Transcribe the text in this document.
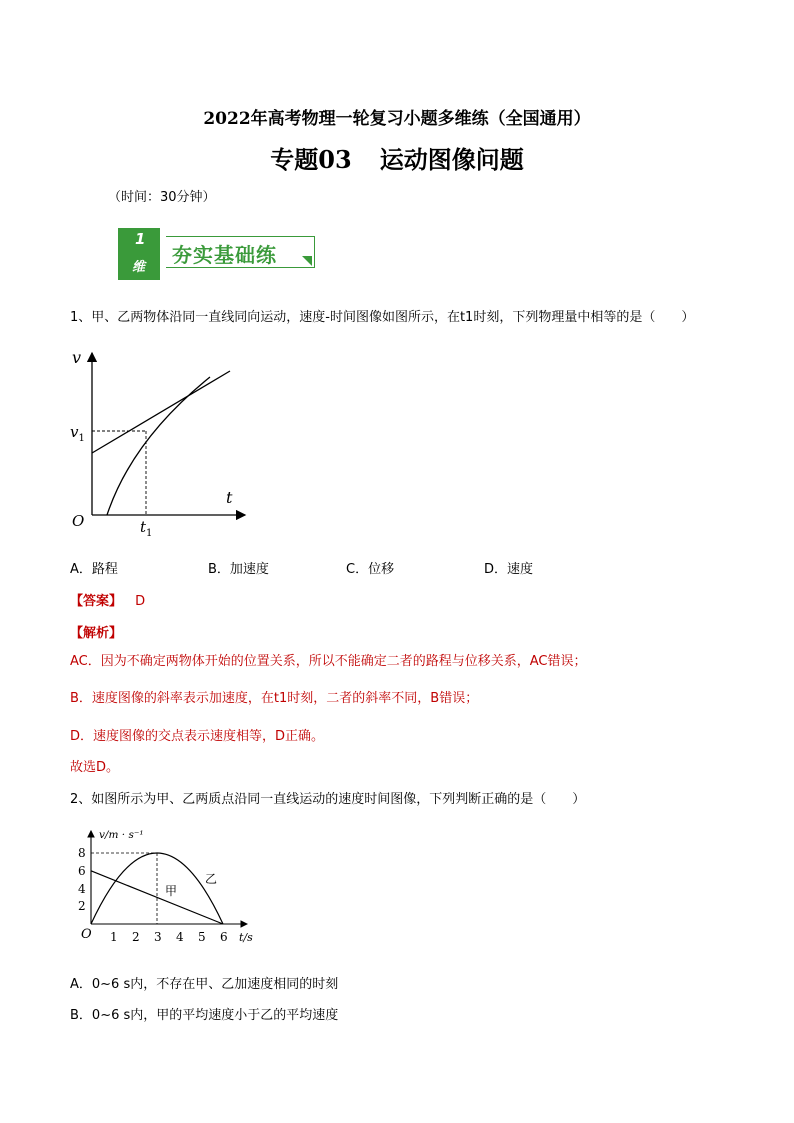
2022年高考物理一轮复习小题多维练（全国通用）
专题03 运动图像问题
（时间：30分钟）
1
维
夯实基础练
1、甲、乙两物体沿同一直线同向运动，速度-时间图像如图所示，在t1时刻，下列物理量中相等的是（　　）
v
$v_1$
t
$t_1$
O
A．路程	B．加速度	C．位移	D．速度
【答案】 D
【解析】
AC．因为不确定两物体开始的位置关系，所以不能确定二者的路程与位移关系，AC错误；
B．速度图像的斜率表示加速度，在t1时刻，二者的斜率不同，B错误；
D．速度图像的交点表示速度相等，D正确。
故选D。
2、如图所示为甲、乙两质点沿同一直线运动的速度时间图像，下列判断正确的是（　　）
v/m · s⁻¹
8
6
4
2
O 1 2 3 4 5 6 t/s
甲
乙
A．0~6 s内，不存在甲、乙加速度相同的时刻
B．0~6 s内，甲的平均速度小于乙的平均速度
